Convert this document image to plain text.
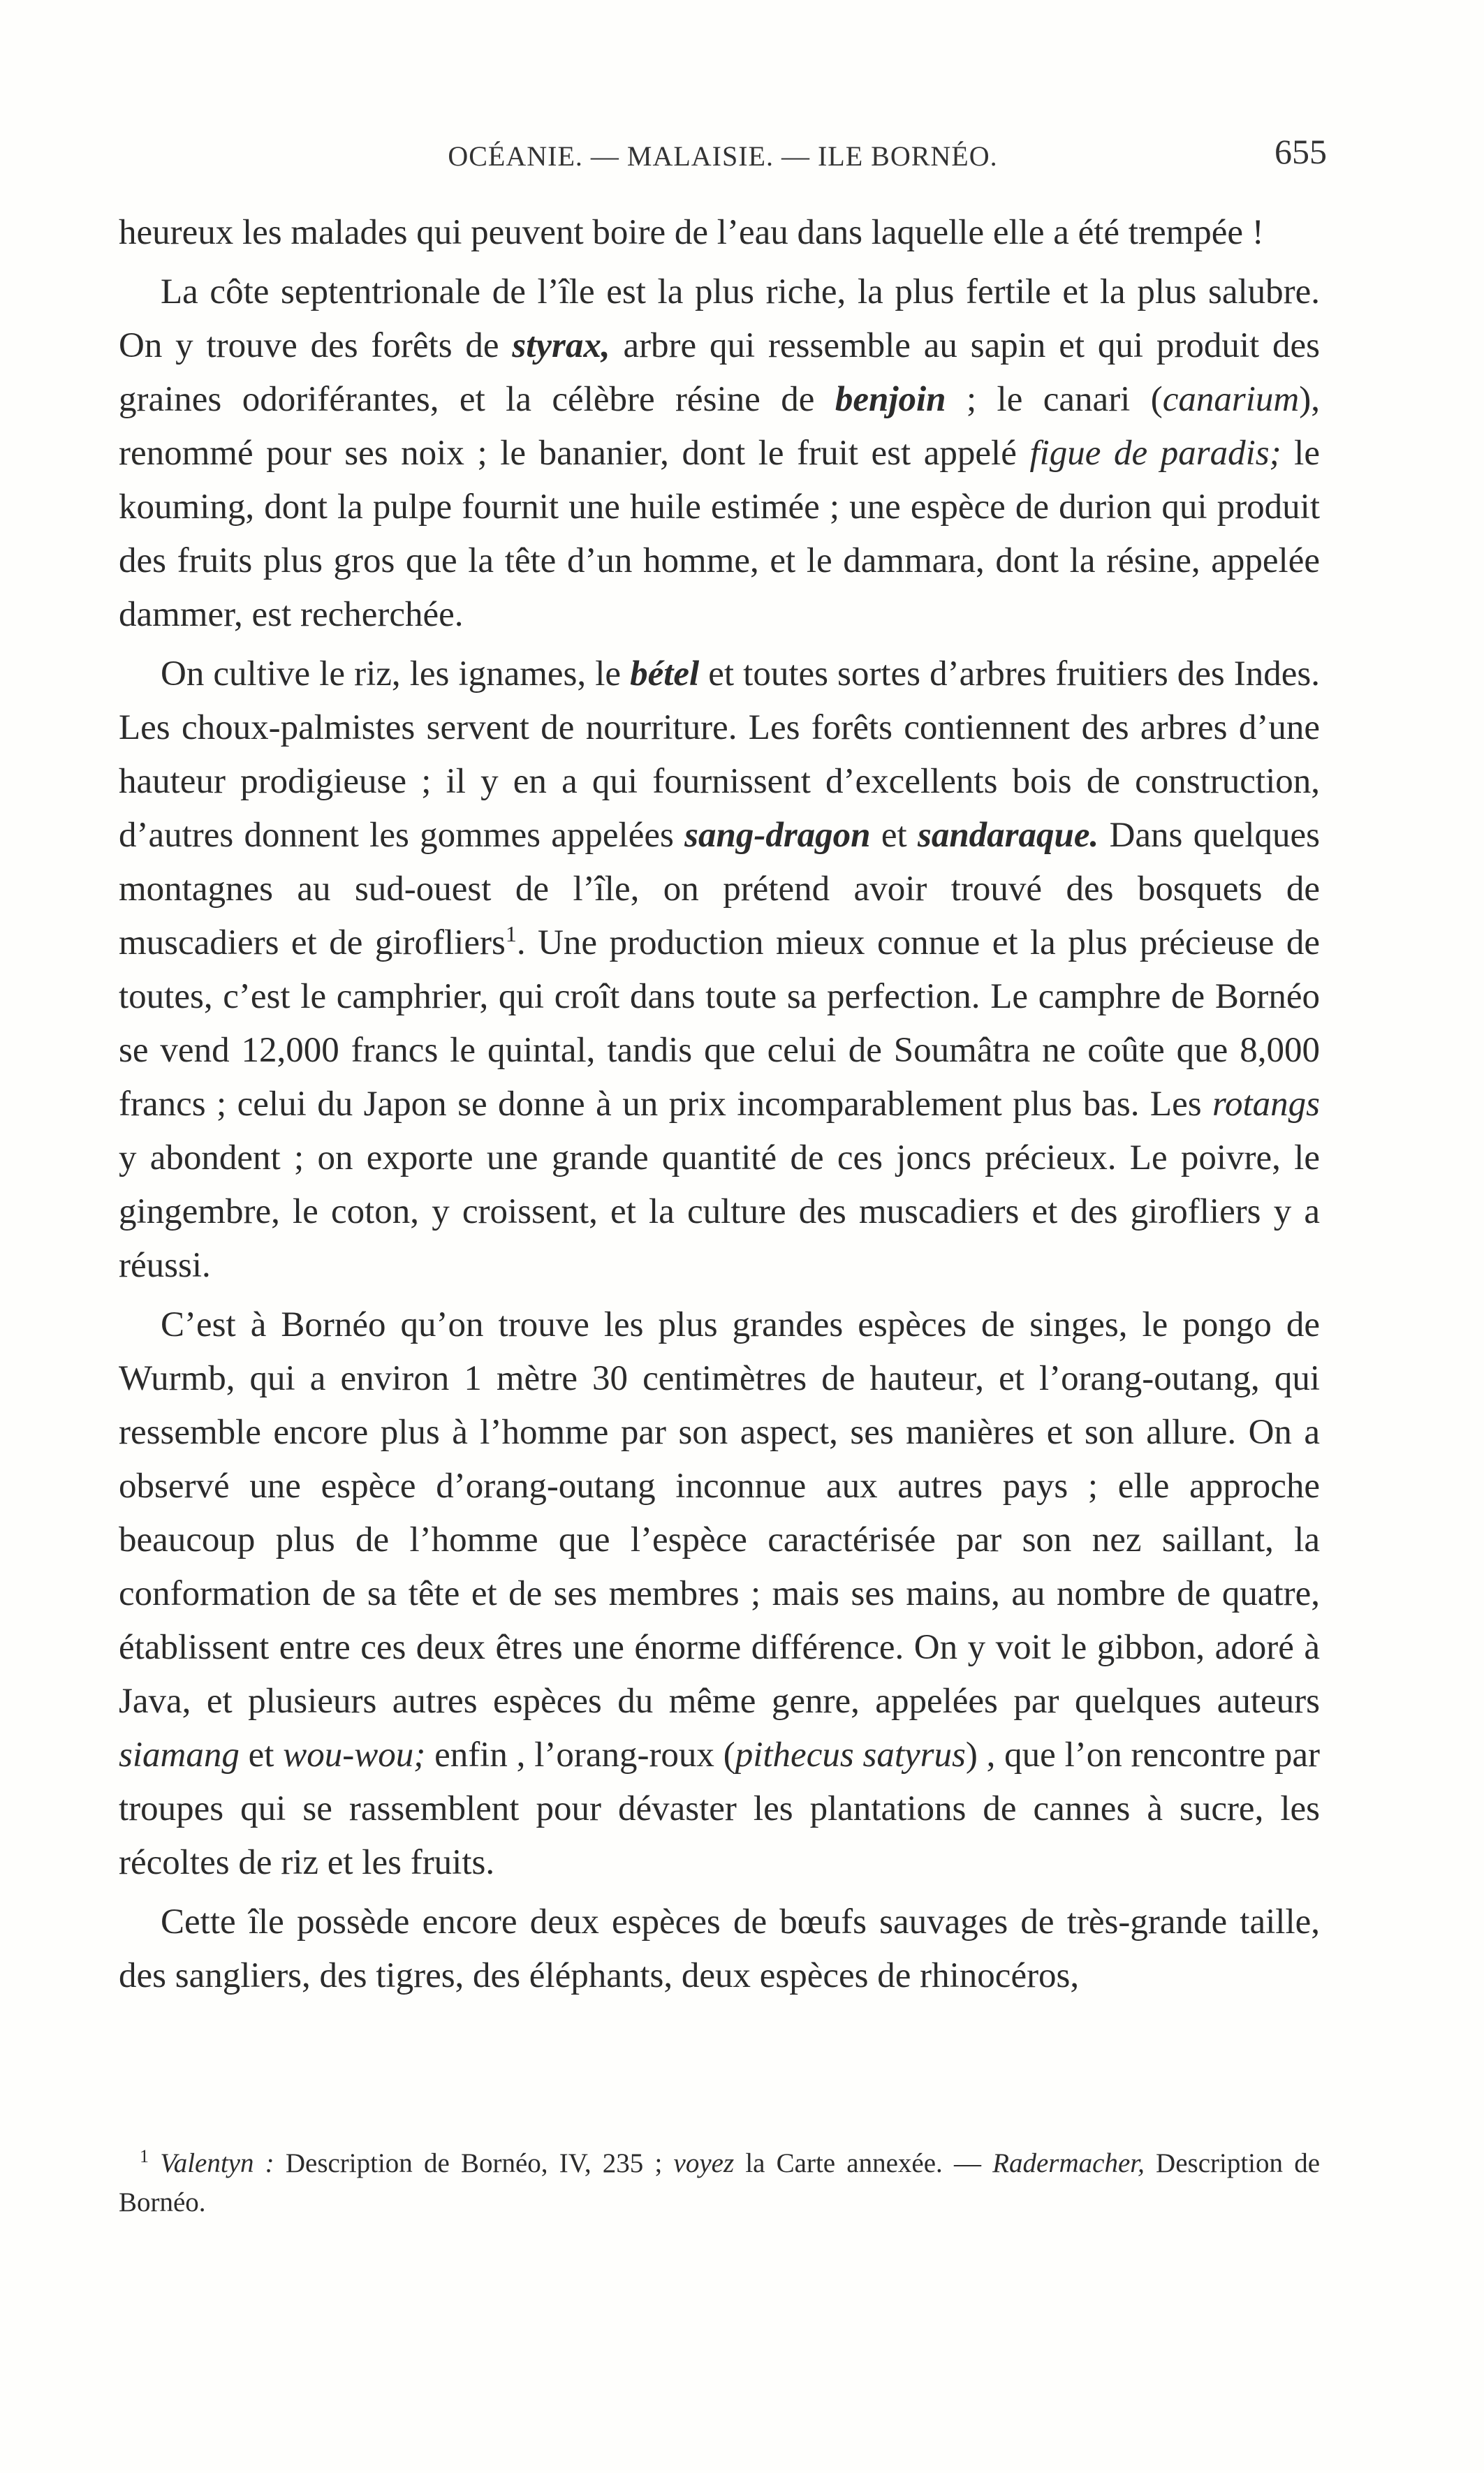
OCÉANIE. — MALAISIE. — ILE BORNÉO.	655

heureux les malades qui peuvent boire de l’eau dans laquelle elle a été trempée !

La côte septentrionale de l’île est la plus riche, la plus fertile et la plus salubre. On y trouve des forêts de styrax, arbre qui ressemble au sapin et qui produit des graines odoriférantes, et la célèbre résine de benjoin ; le canari (canarium), renommé pour ses noix ; le bananier, dont le fruit est appelé figue de paradis; le kouming, dont la pulpe fournit une huile estimée ; une espèce de durion qui produit des fruits plus gros que la tête d’un homme, et le dammara, dont la résine, appelée dammer, est recherchée.

On cultive le riz, les ignames, le bétel et toutes sortes d’arbres fruitiers des Indes. Les choux-palmistes servent de nourriture. Les forêts contiennent des arbres d’une hauteur prodigieuse ; il y en a qui fournissent d’excellents bois de construction, d’autres donnent les gommes appelées sang-dragon et sandaraque. Dans quelques montagnes au sud-ouest de l’île, on prétend avoir trouvé des bosquets de muscadiers et de girofliers$^1$. Une production mieux connue et la plus précieuse de toutes, c’est le camphrier, qui croît dans toute sa perfection. Le camphre de Bornéo se vend 12,000 francs le quintal, tandis que celui de Soumâtra ne coûte que 8,000 francs ; celui du Japon se donne à un prix incomparablement plus bas. Les rotangs y abondent ; on exporte une grande quantité de ces joncs précieux. Le poivre, le gingembre, le coton, y croissent, et la culture des muscadiers et des girofliers y a réussi.

C’est à Bornéo qu’on trouve les plus grandes espèces de singes, le pongo de Wurmb, qui a environ 1 mètre 30 centimètres de hauteur, et l’orang-outang, qui ressemble encore plus à l’homme par son aspect, ses manières et son allure. On a observé une espèce d’orang-outang inconnue aux autres pays ; elle approche beaucoup plus de l’homme que l’espèce caractérisée par son nez saillant, la conformation de sa tête et de ses membres ; mais ses mains, au nombre de quatre, établissent entre ces deux êtres une énorme différence. On y voit le gibbon, adoré à Java, et plusieurs autres espèces du même genre, appelées par quelques auteurs siamang et wou-wou; enfin , l’orang-roux (pithecus satyrus) , que l’on rencontre par troupes qui se rassemblent pour dévaster les plantations de cannes à sucre, les récoltes de riz et les fruits.

Cette île possède encore deux espèces de bœufs sauvages de très-grande taille, des sangliers, des tigres, des éléphants, deux espèces de rhinocéros,

$^1$ Valentyn : Description de Bornéo, IV, 235 ; voyez la Carte annexée. — Radermacher, Description de Bornéo.
